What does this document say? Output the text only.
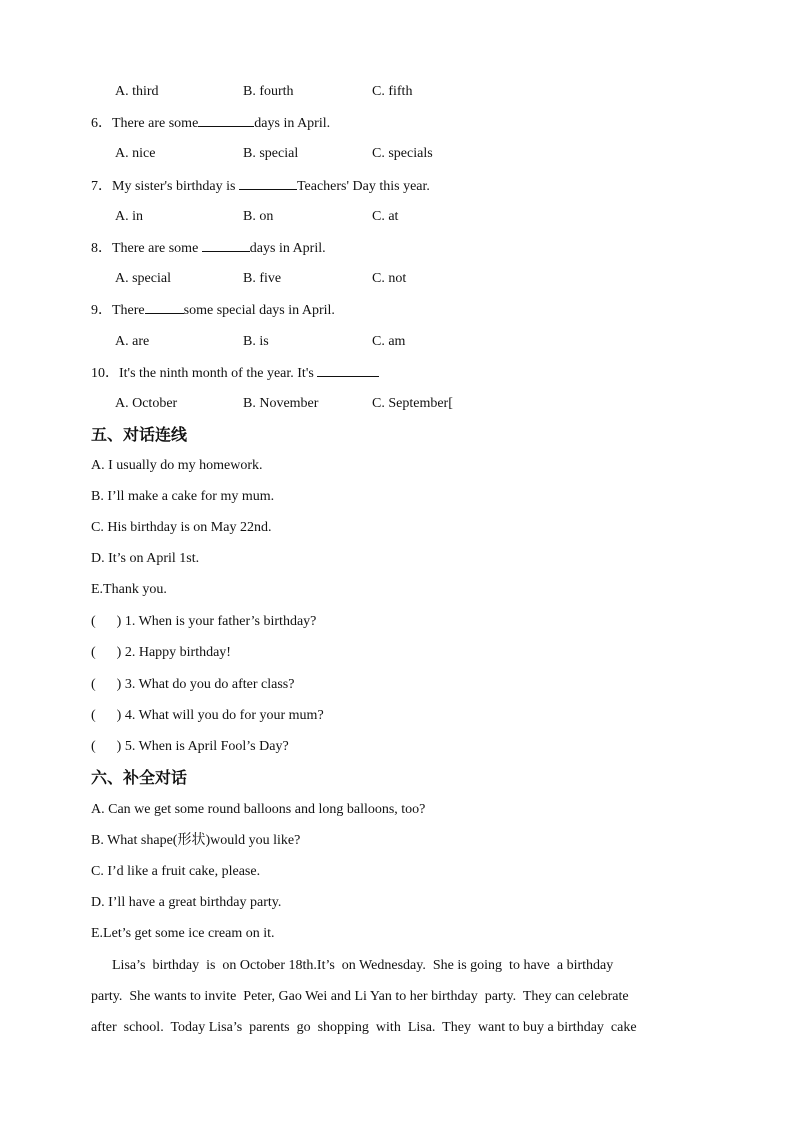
A. third	B. fourth	C. fifth
6．There are some	days in April.
A. nice	B. special	C. specials
7．My sister's birthday is	Teachers' Day this year.
A. in	B. on	C. at
8．There are some	days in April.
A. special	B. five	C. not
9．There	some special days in April.
A. are	B. is	C. am
10．It's the ninth month of the year. It's
A. October	B. November	C. September[
五、对话连线
A. I usually do my homework.
B. I’ll make a cake for my mum.
C. His birthday is on May 22nd.
D. It’s on April 1st.
E.Thank you.
(      ) 1. When is your father’s birthday?
(      ) 2. Happy birthday!
(      ) 3. What do you do after class?
(      ) 4. What will you do for your mum?
(      ) 5. When is April Fool’s Day?
六、补全对话
A. Can we get some round balloons and long balloons, too?
B. What shape(形状)would you like?
C. I’d like a fruit cake, please.
D. I’ll have a great birthday party.
E.Let’s get some ice cream on it.
Lisa’s  birthday  is  on October 18th.It’s  on Wednesday.  She is going  to have  a birthday
party.  She wants to invite  Peter, Gao Wei and Li Yan to her birthday  party.  They can celebrate
after  school.  Today Lisa’s  parents  go  shopping  with  Lisa.  They  want to buy a birthday  cake
